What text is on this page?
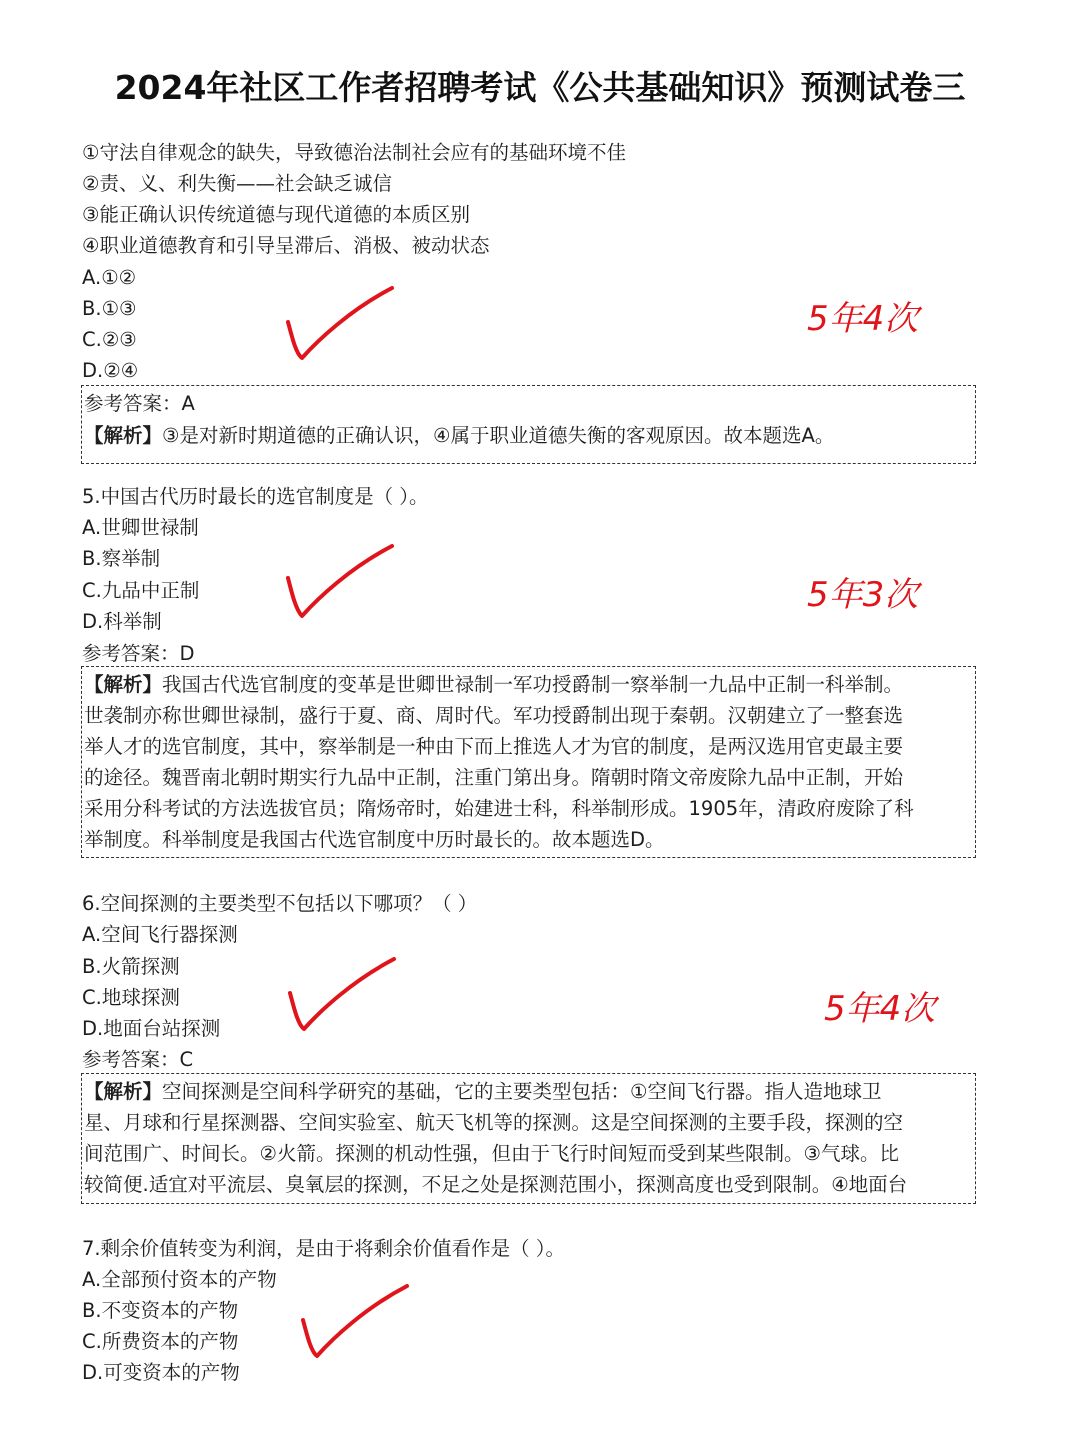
2024年社区工作者招聘考试《公共基础知识》预测试卷三
①守法自律观念的缺失，导致德治法制社会应有的基础环境不佳
②责、义、利失衡——社会缺乏诚信
③能正确认识传统道德与现代道德的本质区别
④职业道德教育和引导呈滞后、消极、被动状态
A.①②
B.①③
C.②③
D.②④
参考答案：A
【解析】③是对新时期道德的正确认识，④属于职业道德失衡的客观原因。故本题选A。
5年4次
5.中国古代历时最长的选官制度是（ ）。
A.世卿世禄制
B.察举制
C.九品中正制
D.科举制
参考答案：D
【解析】我国古代选官制度的变革是世卿世禄制一军功授爵制一察举制一九品中正制一科举制。
世袭制亦称世卿世禄制，盛行于夏、商、周时代。军功授爵制出现于秦朝。汉朝建立了一整套选
举人才的选官制度，其中，察举制是一种由下而上推选人才为官的制度，是两汉选用官吏最主要
的途径。魏晋南北朝时期实行九品中正制，注重门第出身。隋朝时隋文帝废除九品中正制，开始
采用分科考试的方法选拔官员；隋炀帝时，始建进士科，科举制形成。1905年，清政府废除了科
举制度。科举制度是我国古代选官制度中历时最长的。故本题选D。
5年3次
6.空间探测的主要类型不包括以下哪项？（ ）
A.空间飞行器探测
B.火箭探测
C.地球探测
D.地面台站探测
参考答案：C
【解析】空间探测是空间科学研究的基础，它的主要类型包括：①空间飞行器。指人造地球卫
星、月球和行星探测器、空间实验室、航天飞机等的探测。这是空间探测的主要手段，探测的空
间范围广、时间长。②火箭。探测的机动性强，但由于飞行时间短而受到某些限制。③气球。比
较简便.适宜对平流层、臭氧层的探测，不足之处是探测范围小，探测高度也受到限制。④地面台
5年4次
7.剩余价值转变为利润，是由于将剩余价值看作是（ ）。
A.全部预付资本的产物
B.不变资本的产物
C.所费资本的产物
D.可变资本的产物
